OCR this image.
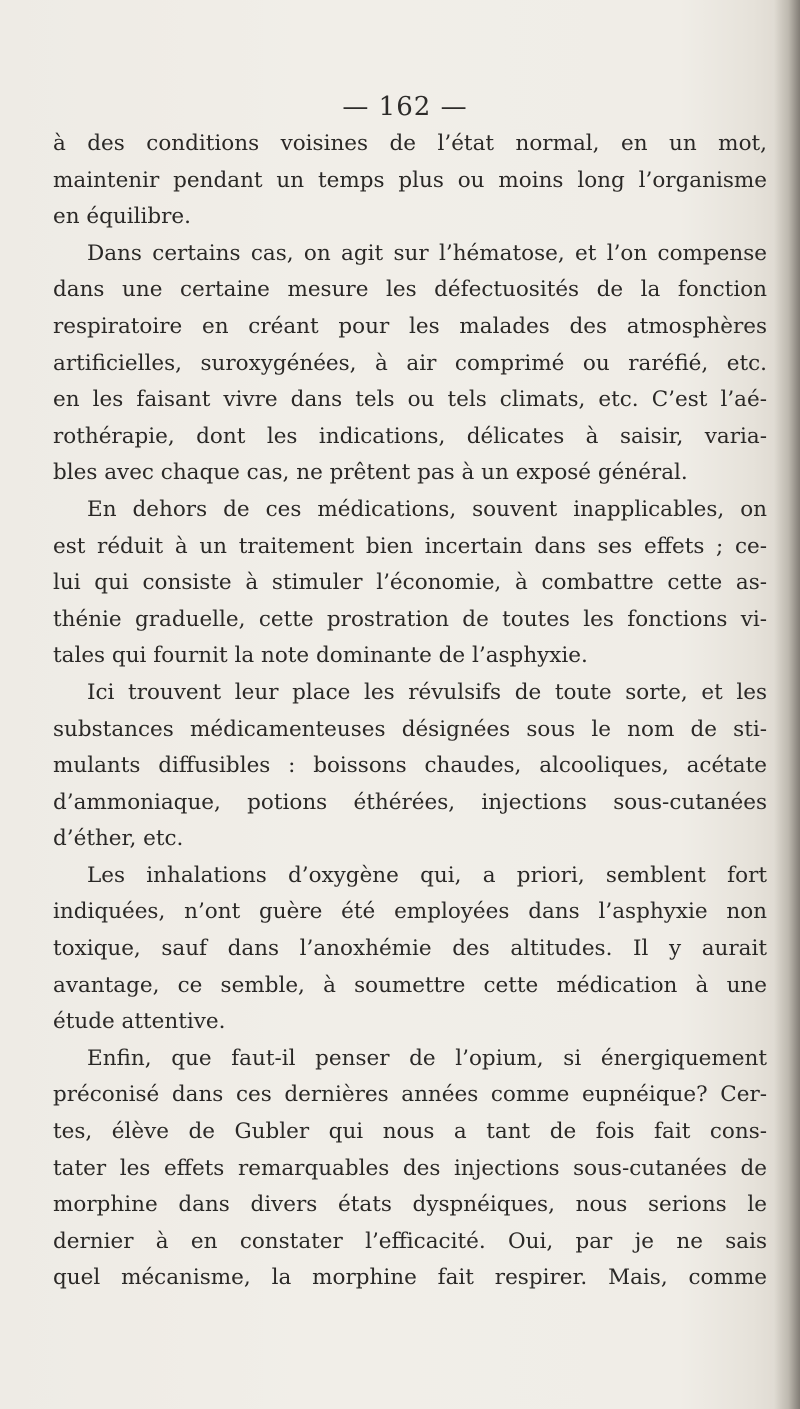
— 162 —
à des conditions voisines de l’état normal, en un mot,
maintenir pendant un temps plus ou moins long l’organisme
en équilibre.
Dans certains cas, on agit sur l’hématose, et l’on compense
dans une certaine mesure les défectuosités de la fonction
respiratoire en créant pour les malades des atmosphères
artificielles, suroxygénées, à air comprimé ou raréfié, etc.
en les faisant vivre dans tels ou tels climats, etc. C’est l’aé-
rothérapie, dont les indications, délicates à saisir, varia-
bles avec chaque cas, ne prêtent pas à un exposé général.
En dehors de ces médications, souvent inapplicables, on
est réduit à un traitement bien incertain dans ses effets ; ce-
lui qui consiste à stimuler l’économie, à combattre cette as-
thénie graduelle, cette prostration de toutes les fonctions vi-
tales qui fournit la note dominante de l’asphyxie.
Ici trouvent leur place les révulsifs de toute sorte, et les
substances médicamenteuses désignées sous le nom de sti-
mulants diffusibles : boissons chaudes, alcooliques, acétate
d’ammoniaque, potions éthérées, injections sous-cutanées
d’éther, etc.
Les inhalations d’oxygène qui, a priori, semblent fort
indiquées, n’ont guère été employées dans l’asphyxie non
toxique, sauf dans l’anoxhémie des altitudes. Il y aurait
avantage, ce semble, à soumettre cette médication à une
étude attentive.
Enfin, que faut-il penser de l’opium, si énergiquement
préconisé dans ces dernières années comme eupnéique? Cer-
tes, élève de Gubler qui nous a tant de fois fait cons-
tater les effets remarquables des injections sous-cutanées de
morphine dans divers états dyspnéiques, nous serions le
dernier à en constater l’efficacité. Oui, par je ne sais
quel mécanisme, la morphine fait respirer. Mais, comme
